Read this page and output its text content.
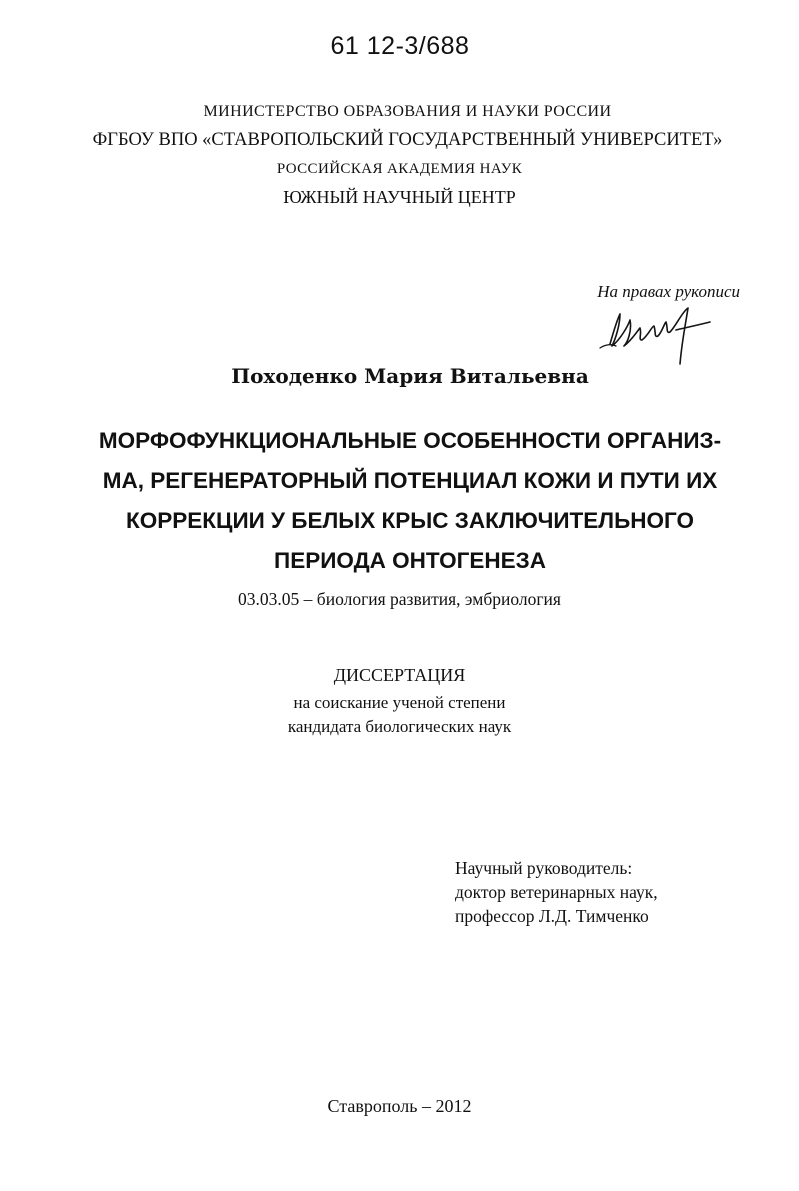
61 12-3/688
МИНИСТЕРСТВО ОБРАЗОВАНИЯ И НАУКИ РОССИИ
ФГБОУ ВПО «СТАВРОПОЛЬСКИЙ ГОСУДАРСТВЕННЫЙ УНИВЕРСИТЕТ»
РОССИЙСКАЯ АКАДЕМИЯ НАУК
ЮЖНЫЙ НАУЧНЫЙ ЦЕНТР
На правах рукописи
Походенко Мария Витальевна
МОРФОФУНКЦИОНАЛЬНЫЕ ОСОБЕННОСТИ ОРГАНИЗ-
МА, РЕГЕНЕРАТОРНЫЙ ПОТЕНЦИАЛ КОЖИ И ПУТИ ИХ
КОРРЕКЦИИ У БЕЛЫХ КРЫС ЗАКЛЮЧИТЕЛЬНОГО
ПЕРИОДА ОНТОГЕНЕЗА
03.03.05 – биология развития, эмбриология
ДИССЕРТАЦИЯ
на соискание ученой степени
кандидата биологических наук
Научный руководитель:
доктор ветеринарных наук,
профессор Л.Д. Тимченко
Ставрополь – 2012
